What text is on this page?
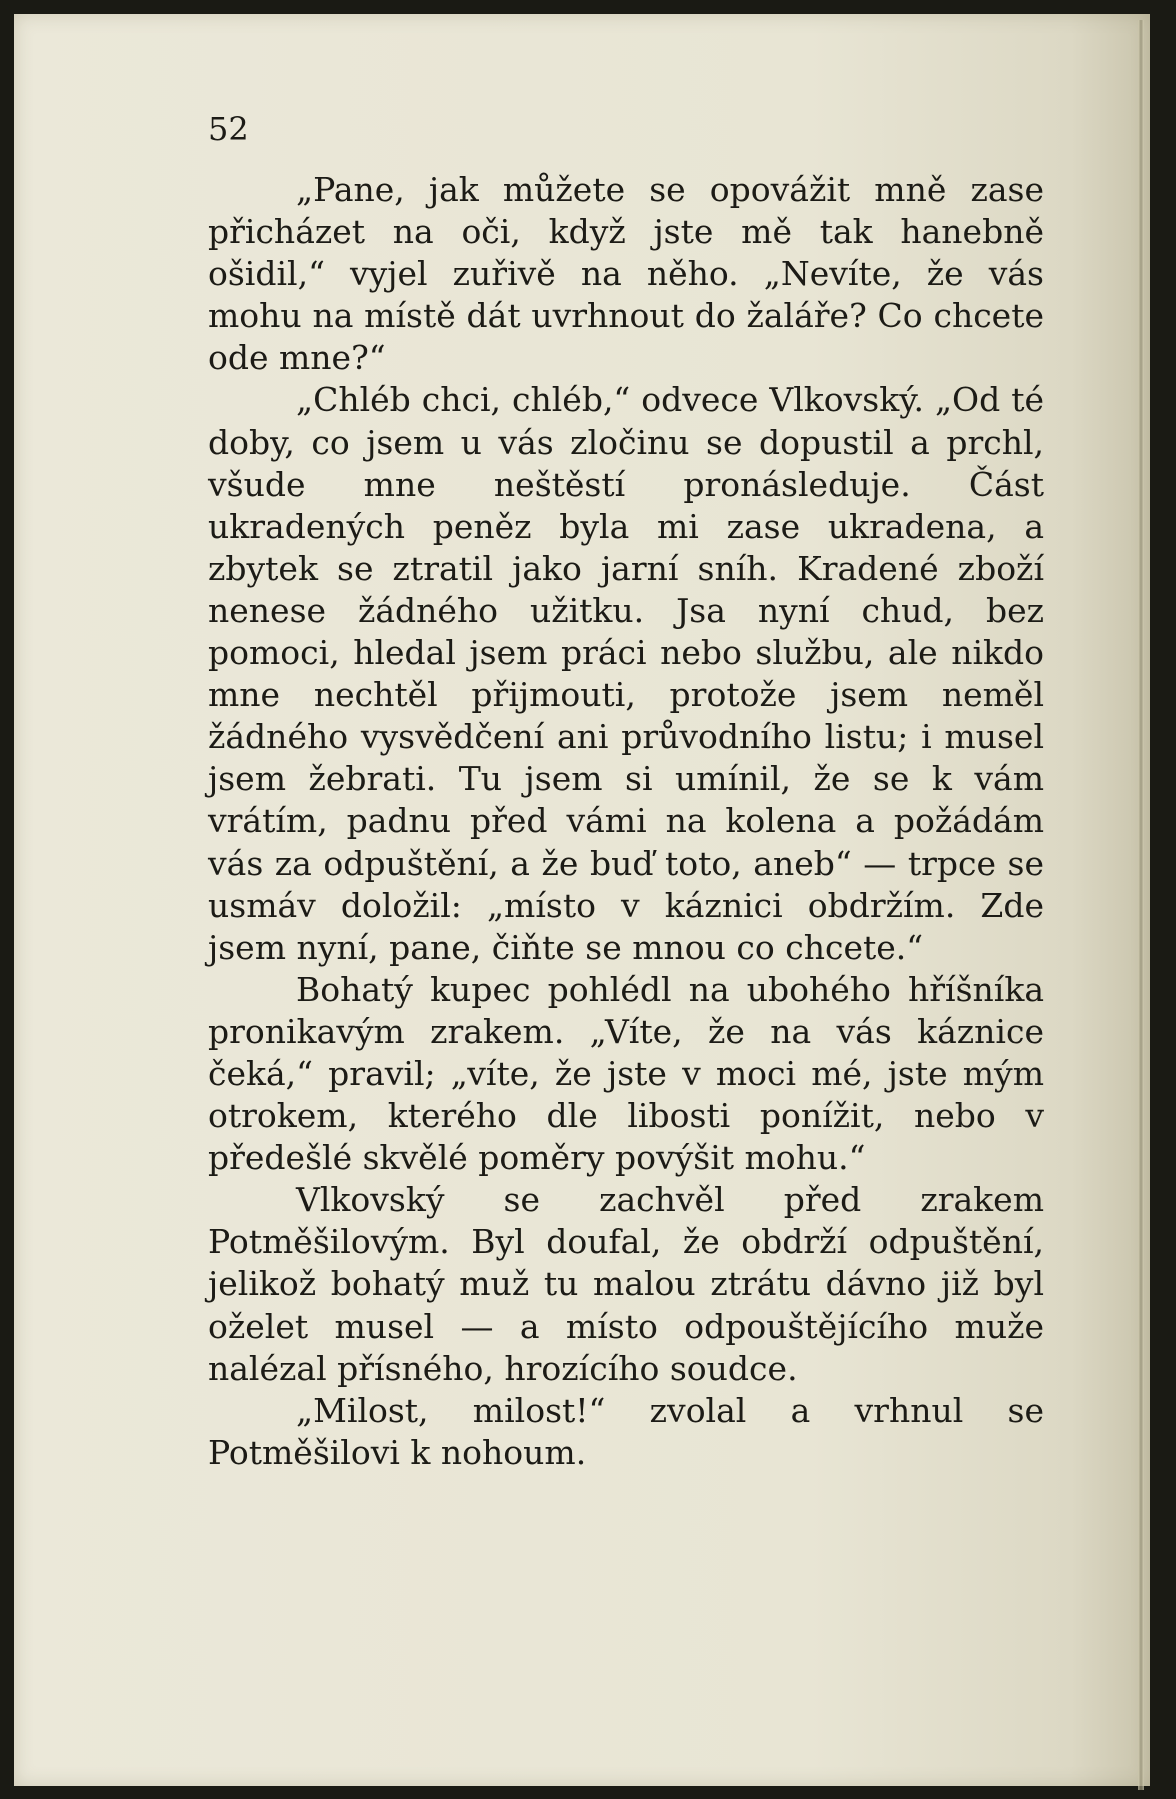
52

„Pane, jak můžete se opovážit mně zase přicházet na oči, když jste mě tak hanebně ošidil,“ vyjel zuřivě na něho. „Nevíte, že vás mohu na místě dát uvrhnout do žaláře? Co chcete ode mne?“

„Chléb chci, chléb,“ odvece Vlkovský. „Od té doby, co jsem u vás zločinu se dopustil a prchl, všude mne neštěstí pronásleduje. Část ukradených peněz byla mi zase ukradena, a zbytek se ztratil jako jarní sníh. Kradené zboží nenese žádného užitku. Jsa nyní chud, bez pomoci, hledal jsem práci nebo službu, ale nikdo mne nechtěl přijmouti, protože jsem neměl žádného vysvědčení ani průvodního listu; i musel jsem žebrati. Tu jsem si umínil, že se k vám vrátím, padnu před vámi na kolena a požádám vás za odpuštění, a že buď toto, aneb“ — trpce se usmáv doložil: „místo v káznici obdržím. Zde jsem nyní, pane, čiňte se mnou co chcete.“

Bohatý kupec pohlédl na ubohého hříšníka pronikavým zrakem. „Víte, že na vás káznice čeká,“ pravil; „víte, že jste v moci mé, jste mým otrokem, kterého dle libosti ponížit, nebo v předešlé skvělé poměry povýšit mohu.“

Vlkovský se zachvěl před zrakem Potměšilovým. Byl doufal, že obdrží odpuštění, jelikož bohatý muž tu malou ztrátu dávno již byl oželet musel — a místo odpouštějícího muže nalézal přísného, hrozícího soudce.

„Milost, milost!“ zvolal a vrhnul se Potměšilovi k nohoum.
